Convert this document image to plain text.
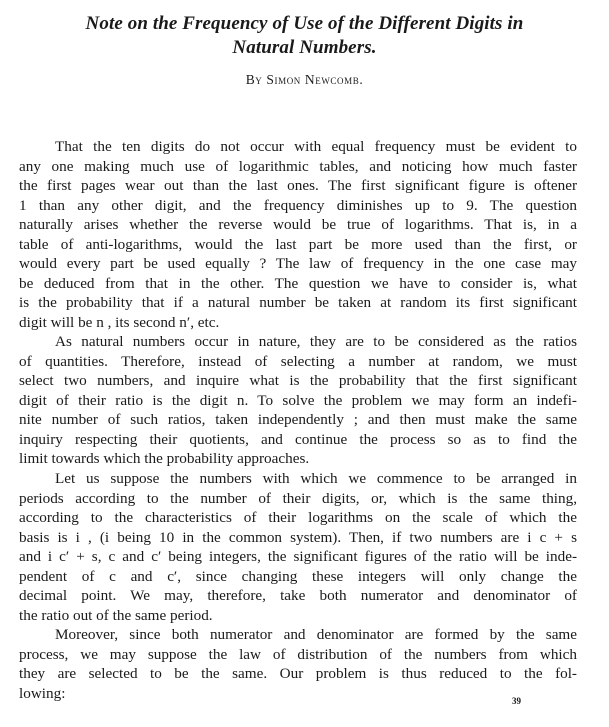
Note on the Frequency of Use of the Different Digits in
Natural Numbers.
By Simon Newcomb.
That the ten digits do not occur with equal frequency must be evident to
any one making much use of logarithmic tables, and noticing how much faster
the first pages wear out than the last ones. The first significant figure is oftener
1 than any other digit, and the frequency diminishes up to 9. The question
naturally arises whether the reverse would be true of logarithms. That is, in a
table of anti-logarithms, would the last part be more used than the first, or
would every part be used equally ? The law of frequency in the one case may
be deduced from that in the other. The question we have to consider is, what
is the probability that if a natural number be taken at random its first significant
digit will be n , its second n′, etc.
As natural numbers occur in nature, they are to be considered as the ratios
of quantities. Therefore, instead of selecting a number at random, we must
select two numbers, and inquire what is the probability that the first significant
digit of their ratio is the digit n. To solve the problem we may form an indefi-
nite number of such ratios, taken independently ; and then must make the same
inquiry respecting their quotients, and continue the process so as to find the
limit towards which the probability approaches.
Let us suppose the numbers with which we commence to be arranged in
periods according to the number of their digits, or, which is the same thing,
according to the characteristics of their logarithms on the scale of which the
basis is i , (i being 10 in the common system). Then, if two numbers are i c + s
and i c′ + s, c and c′ being integers, the significant figures of the ratio will be inde-
pendent of c and c′, since changing these integers will only change the
decimal point. We may, therefore, take both numerator and denominator of
the ratio out of the same period.
Moreover, since both numerator and denominator are formed by the same
process, we may suppose the law of distribution of the numbers from which
they are selected to be the same. Our problem is thus reduced to the fol-
lowing:	39
